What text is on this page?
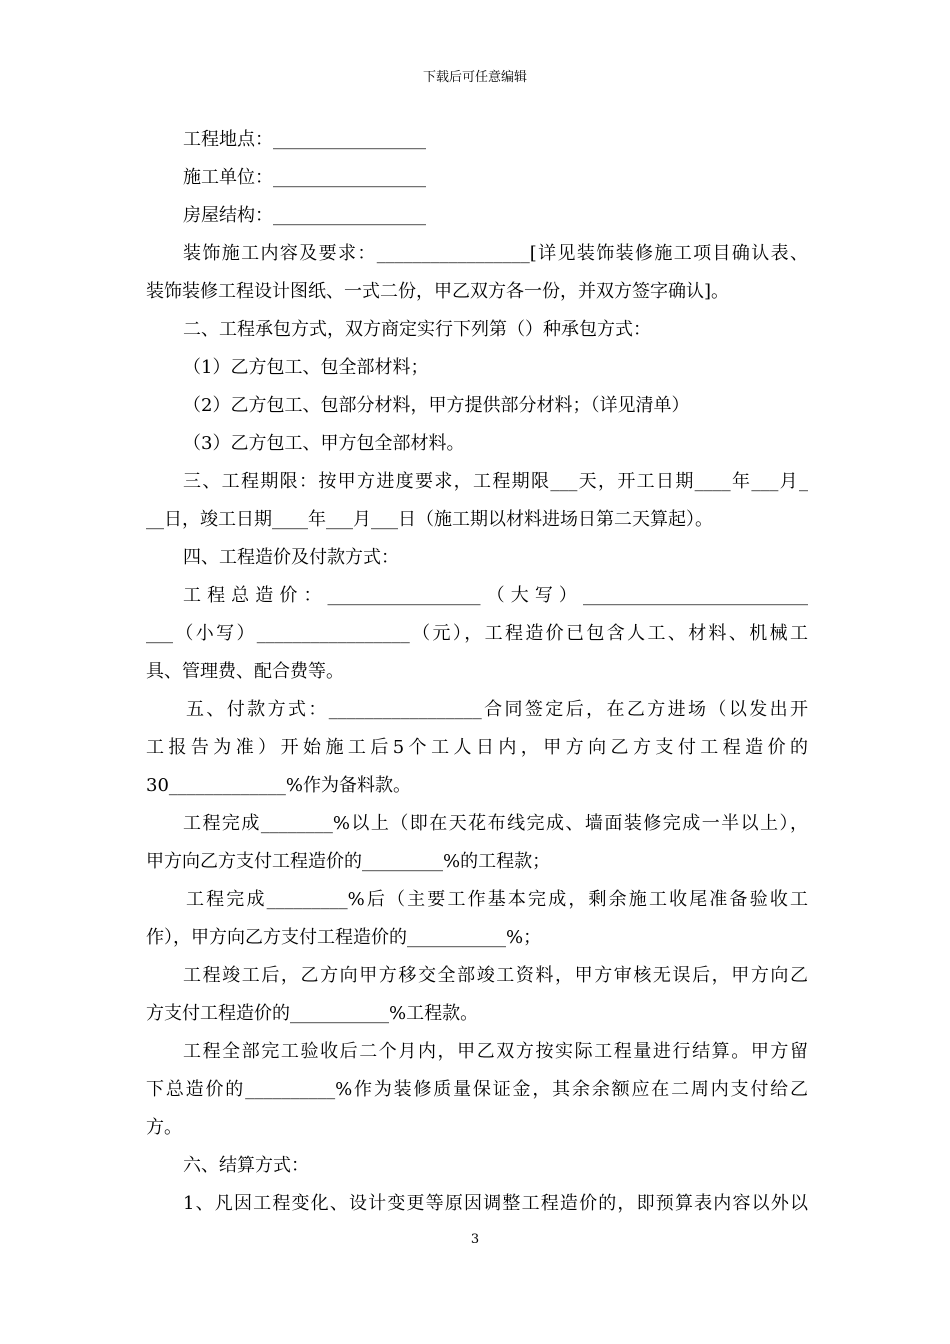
下载后可任意编辑
工程地点：_________________
施工单位：_________________
房屋结构：_________________
装饰施工内容及要求：_________________[详见装饰装修施工项目确认表、
装饰装修工程设计图纸、一式二份，甲乙双方各一份，并双方签字确认]。
二、工程承包方式，双方商定实行下列第（）种承包方式：
（1）乙方包工、包全部材料；
（2）乙方包工、包部分材料，甲方提供部分材料；（详见清单）
（3）乙方包工、甲方包全部材料。
三、工程期限：按甲方进度要求，工程期限___天，开工日期____年___月_
__日，竣工日期____年___月___日（施工期以材料进场日第二天算起）。
四、工程造价及付款方式：
工程总造价：_________________（大写）_________________________
___（小写）_________________（元），工程造价已包含人工、材料、机械工
具、管理费、配合费等。
五、付款方式：_________________合同签定后，在乙方进场（以发出开
工报告为准）开始施工后5个工人日内，甲方向乙方支付工程造价的
30_____________%作为备料款。
工程完成________%以上（即在天花布线完成、墙面装修完成一半以上），
甲方向乙方支付工程造价的_________%的工程款；
工程完成_________%后（主要工作基本完成，剩余施工收尾准备验收工
作），甲方向乙方支付工程造价的___________%；
工程竣工后，乙方向甲方移交全部竣工资料，甲方审核无误后，甲方向乙
方支付工程造价的___________%工程款。
工程全部完工验收后二个月内，甲乙双方按实际工程量进行结算。甲方留
下总造价的__________%作为装修质量保证金，其余余额应在二周内支付给乙
方。
六、结算方式：
1、凡因工程变化、设计变更等原因调整工程造价的，即预算表内容以外以
3
